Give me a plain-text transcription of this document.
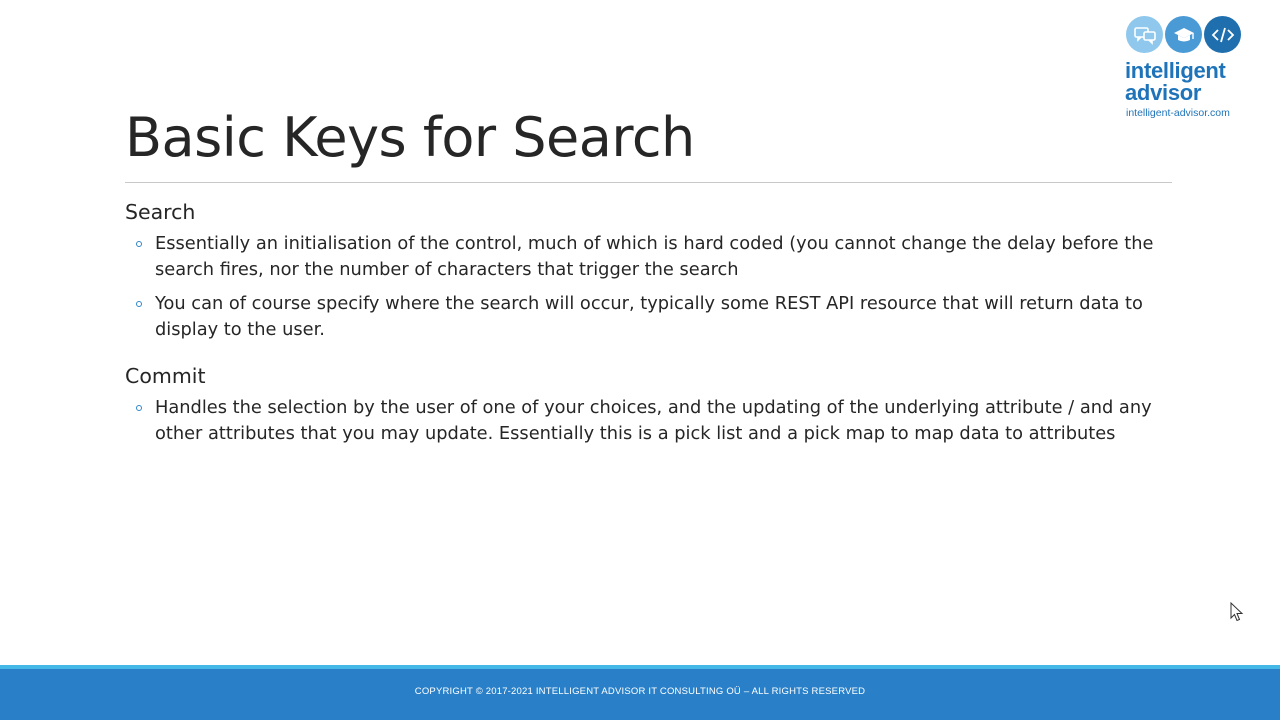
intelligent
advisor
intelligent-advisor.com
Basic Keys for Search
Search
Essentially an initialisation of the control, much of which is hard coded (you cannot change the delay before the search fires, nor the number of characters that trigger the search
You can of course specify where the search will occur, typically some REST API resource that will return data to display to the user.
Commit
Handles the selection by the user of one of your choices, and the updating of the underlying attribute / and any other attributes that you may update. Essentially this is a pick list and a pick map to map data to attributes
COPYRIGHT © 2017-2021 INTELLIGENT ADVISOR IT CONSULTING OÜ – ALL RIGHTS RESERVED
